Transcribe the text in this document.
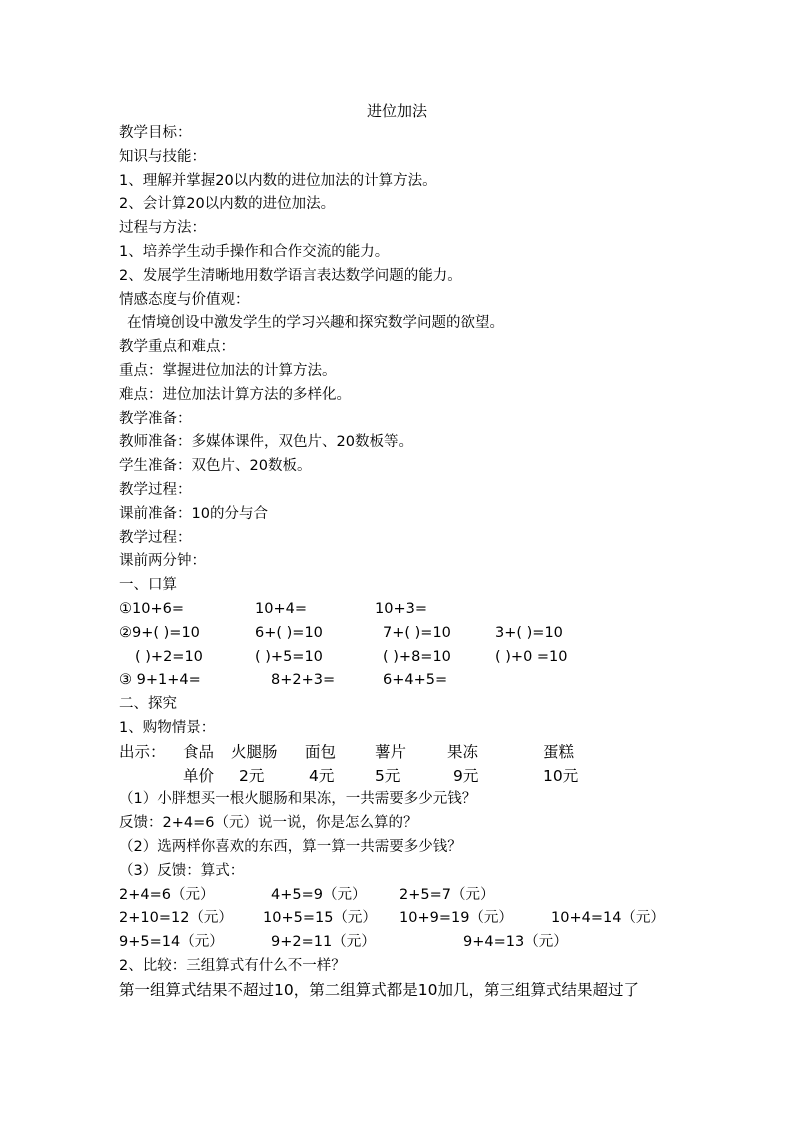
进位加法
教学目标：
知识与技能：
1、理解并掌握20以内数的进位加法的计算方法。
2、会计算20以内数的进位加法。
过程与方法：
1、培养学生动手操作和合作交流的能力。
2、发展学生清晰地用数学语言表达数学问题的能力。
情感态度与价值观：
在情境创设中激发学生的学习兴趣和探究数学问题的欲望。
教学重点和难点：
重点：掌握进位加法的计算方法。
难点：进位加法计算方法的多样化。
教学准备：
教师准备：多媒体课件，双色片、20数板等。
学生准备：双色片、20数板。
教学过程：
课前准备：10的分与合
教学过程：
课前两分钟：
一、口算
①10+6=	10+4=	10+3=
②9+( )=10	6+( )=10	7+( )=10	3+( )=10
( )+2=10	( )+5=10	( )+8=10	( )+0 =10
③ 9+1+4=	8+2+3=	6+4+5=
二、探究
1、购物情景：
出示： 食品 火腿肠 面包	薯片	果冻	蛋糕
单价 2元	4元	5元	9元	10元
（1）小胖想买一根火腿肠和果冻，一共需要多少元钱？
反馈：2+4=6（元）说一说，你是怎么算的？
（2）选两样你喜欢的东西，算一算一共需要多少钱？
（3）反馈：算式：
2+4=6（元）	4+5=9（元） 2+5=7（元）
2+10=12（元） 10+5=15（元） 10+9=19（元）	10+4=14（元）
9+5=14（元）	9+2=11（元）	9+4=13（元）
2、比较：三组算式有什么不一样？
第一组算式结果不超过10，第二组算式都是10加几，第三组算式结果超过了
